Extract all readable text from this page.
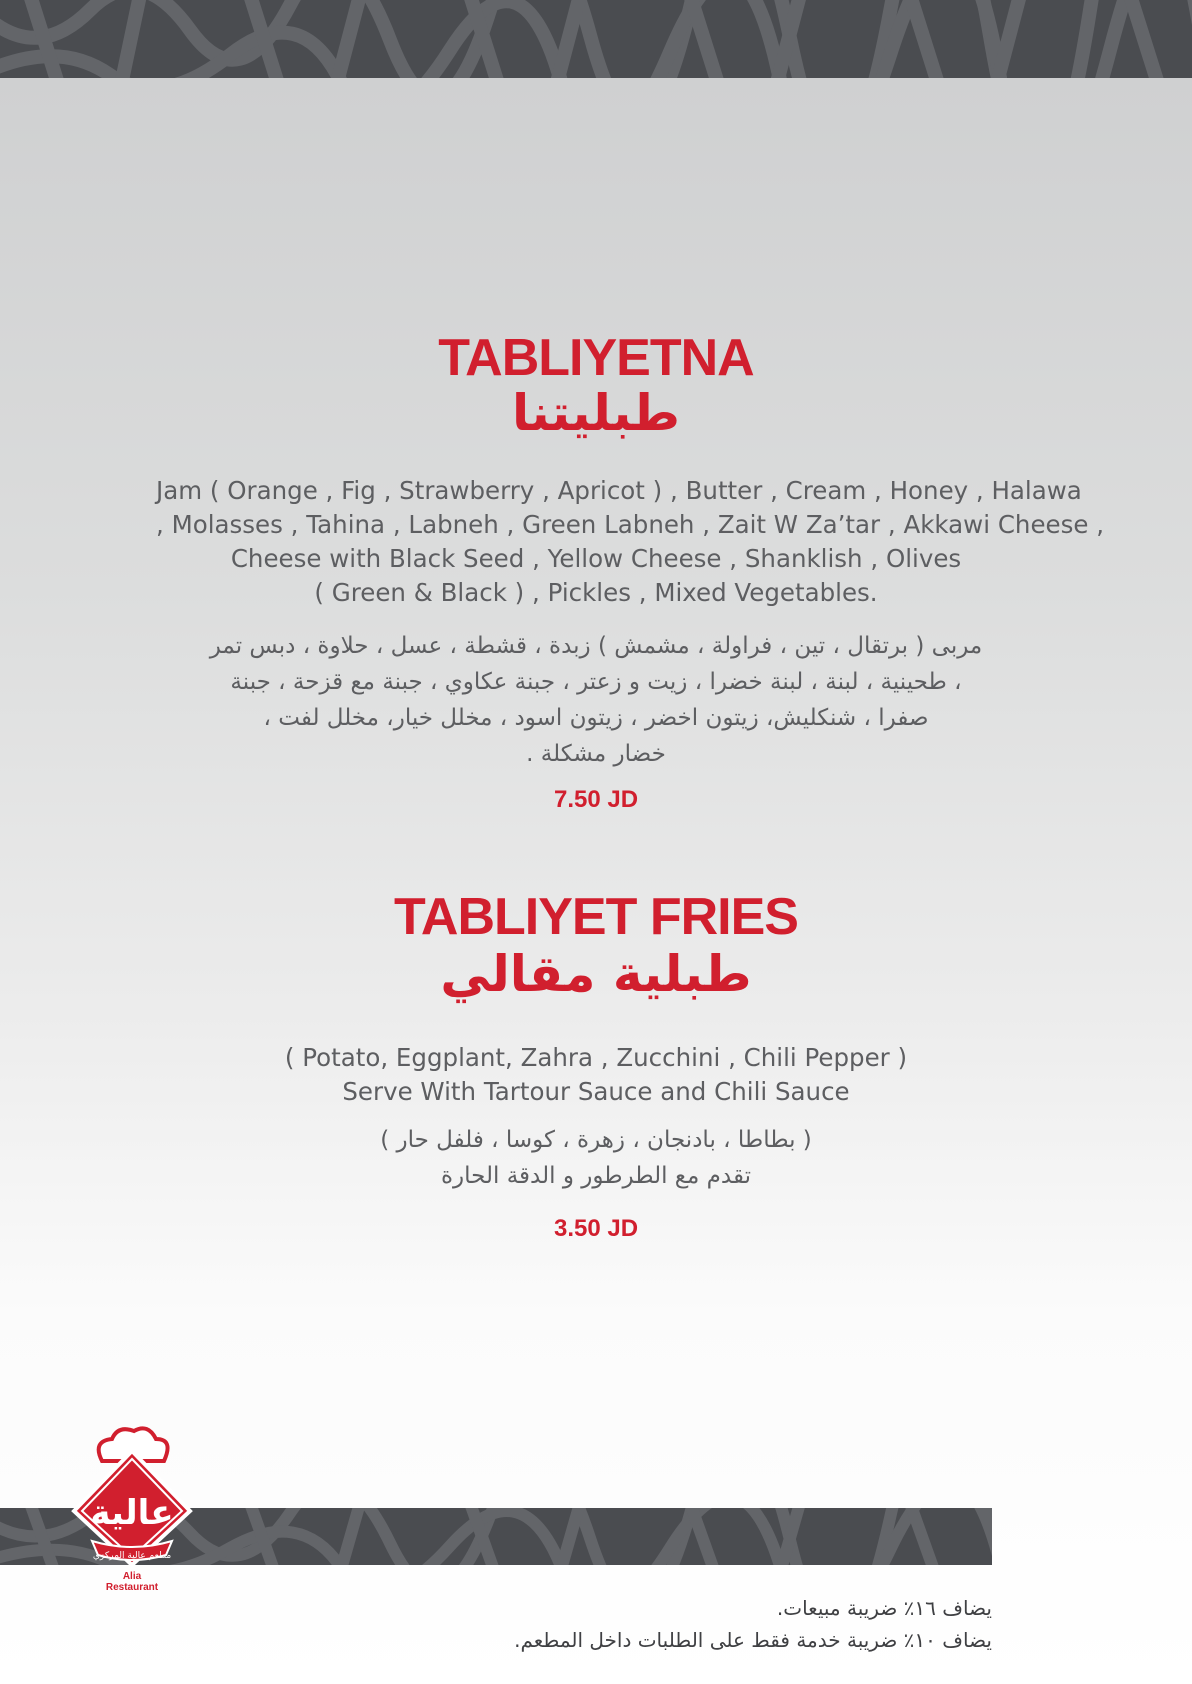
TABLIYETNA
طبليتنا
Jam ( Orange , Fig , Strawberry , Apricot ) , Butter , Cream , Honey , Halawa
, Molasses , Tahina , Labneh , Green Labneh , Zait W Za’tar , Akkawi Cheese ,
Cheese with Black Seed , Yellow Cheese , Shanklish , Olives
( Green & Black ) , Pickles , Mixed Vegetables.
مربى ( برتقال ، تين ، فراولة ، مشمش ) زبدة ، قشطة ، عسل ، حلاوة ، دبس تمر
، طحينية ، لبنة ، لبنة خضرا ، زيت و زعتر ، جبنة عكاوي ، جبنة مع قزحة ، جبنة
صفرا ، شنكليش، زيتون اخضر ، زيتون اسود ، مخلل خيار، مخلل لفت ،
خضار مشكلة .
7.50 JD
TABLIYET FRIES
طبلية مقالي
( Potato, Eggplant, Zahra , Zucchini , Chili Pepper )
Serve With Tartour Sauce and Chili Sauce
( بطاطا ، بادنجان ، زهرة ، كوسا ، فلفل حار )
تقدم مع الطرطور و الدقة الحارة
3.50 JD
عالية
مطعم عالية المركزي
Alia
Restaurant
يضاف ١٦٪ ضريبة مبيعات.
يضاف ١٠٪ ضريبة خدمة فقط على الطلبات داخل المطعم.
